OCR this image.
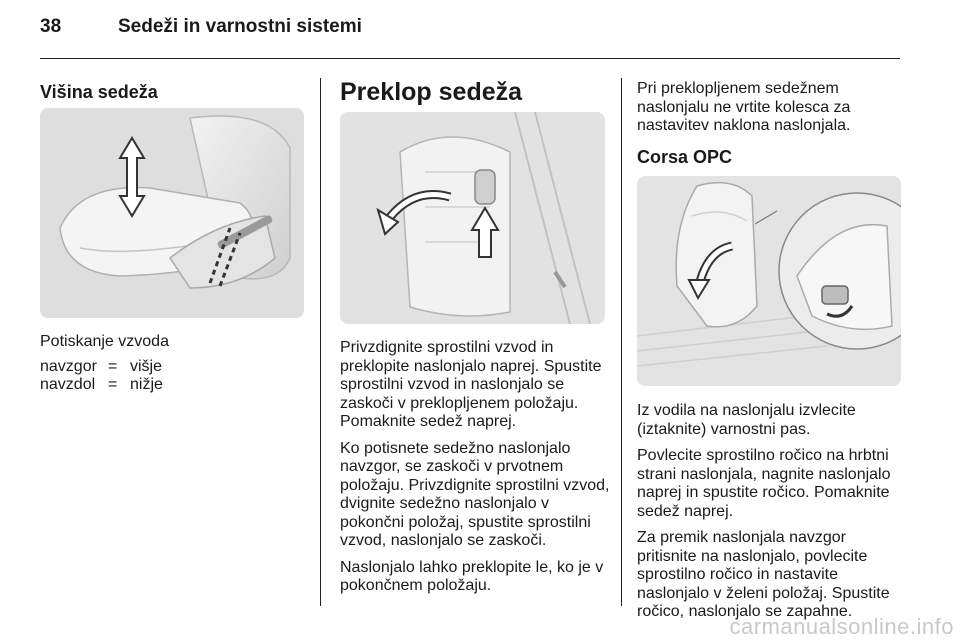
38	Sedeži in varnostni sistemi
Višina sedeža

Potiskanje vzvoda

navzgor	=	višje
navzdol	=	nižje
Preklop sedeža

Privzdignite sprostilni vzvod in preklopite naslonjalo naprej. Spustite sprostilni vzvod in naslonjalo se zaskoči v preklopljenem položaju. Pomaknite sedež naprej.

Ko potisnete sedežno naslonjalo navzgor, se zaskoči v prvotnem položaju. Privzdignite sprostilni vzvod, dvignite sedežno naslonjalo v pokončni položaj, spustite sprostilni vzvod, naslonjalo se zaskoči.

Naslonjalo lahko preklopite le, ko je v pokončnem položaju.

Pri preklopljenem sedežnem naslonjalu ne vrtite kolesca za nastavitev naklona naslonjala.

Corsa OPC

Iz vodila na naslonjalu izvlecite (iztaknite) varnostni pas.

Povlecite sprostilno ročico na hrbtni strani naslonjala, nagnite naslonjalo naprej in spustite ročico. Pomaknite sedež naprej.

Za premik naslonjala navzgor pritisnite na naslonjalo, povlecite sprostilno ročico in nastavite naslonjalo v želeni položaj. Spustite ročico, naslonjalo se zapahne.

carmanualsonline.info
